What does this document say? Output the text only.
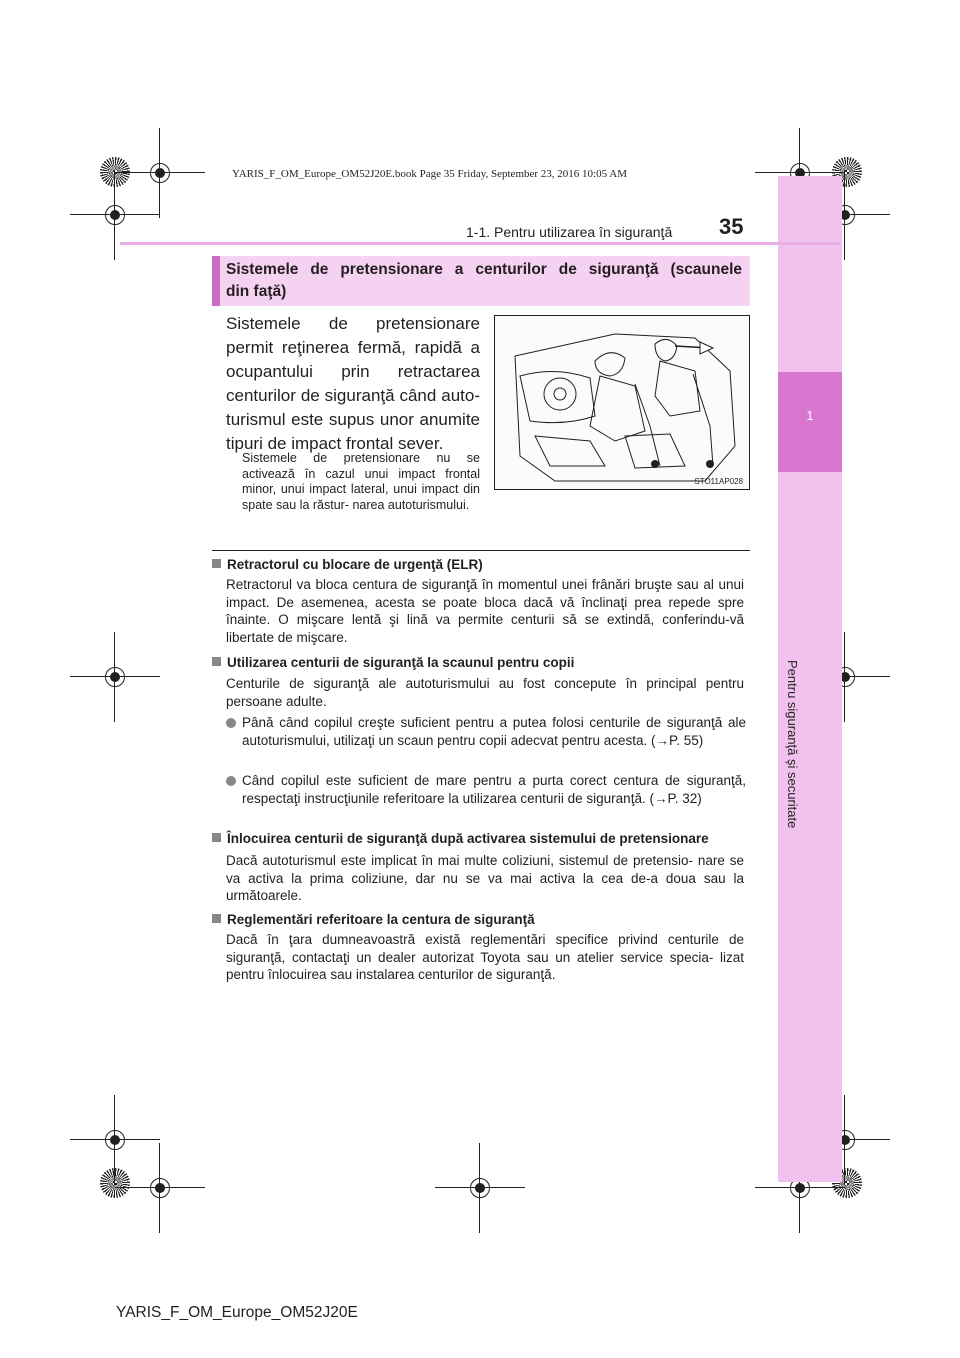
YARIS_F_OM_Europe_OM52J20E.book Page 35 Friday, September 23, 2016 10:05 AM
1
Pentru siguranţă şi securitate
1-1. Pentru utilizarea în siguranţă 35
Sistemele de pretensionare a centurilor de siguranţă (scaunele
din faţă)
Sistemele de pretensionare permit reţinerea fermă, rapidă a ocupantului prin retractarea centurilor de siguranţă când auto- turismul este supus unor anumite tipuri de impact frontal sever.
Sistemele de pretensionare nu se activează în cazul unui impact frontal minor, unui impact lateral, unui impact din spate sau la răstur- narea autoturismului.
STO11AP028
Retractorul cu blocare de urgenţă (ELR)
Retractorul va bloca centura de siguranţă în momentul unei frânări bruşte sau al unui impact. De asemenea, acesta se poate bloca dacă vă înclinaţi prea repede spre înainte. O mişcare lentă şi lină va permite centurii să se extindă, conferindu-vă libertate de mişcare.
Utilizarea centurii de siguranţă la scaunul pentru copii
Centurile de siguranţă ale autoturismului au fost concepute în principal pentru persoane adulte.
Până când copilul creşte suficient pentru a putea folosi centurile de siguranţă ale autoturismului, utilizaţi un scaun pentru copii adecvat pentru acesta. (→P. 55)
Când copilul este suficient de mare pentru a purta corect centura de siguranţă, respectaţi instrucţiunile referitoare la utilizarea centurii de siguranţă. (→P. 32)
Înlocuirea centurii de siguranţă după activarea sistemului de pretensionare
Dacă autoturismul este implicat în mai multe coliziuni, sistemul de pretensio- nare se va activa la prima coliziune, dar nu se va mai activa la cea de-a doua sau la următoarele.
Reglementări referitoare la centura de siguranţă
Dacă în ţara dumneavoastră există reglementări specifice privind centurile de siguranţă, contactaţi un dealer autorizat Toyota sau un atelier service specia- lizat pentru înlocuirea sau instalarea centurilor de siguranţă.
YARIS_F_OM_Europe_OM52J20E
